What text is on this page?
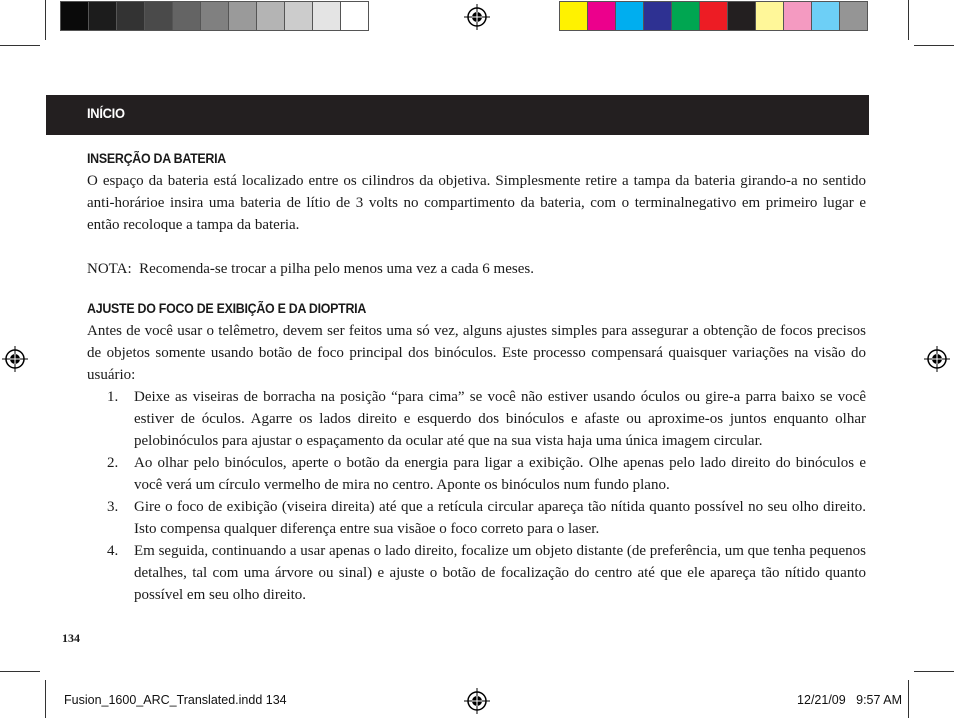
INÍCIO
INSERÇÃO DA BATERIA
O espaço da bateria está localizado entre os cilindros da objetiva. Simplesmente retire a tampa da bateria girando-a no sentido anti-horárioe insira uma bateria de lítio de 3 volts no compartimento da bateria, com o terminalnegativo em primeiro lugar e então recoloque a tampa da bateria.
NOTA:  Recomenda-se trocar a pilha pelo menos uma vez a cada 6 meses.
AJUSTE DO FOCO DE EXIBIÇÃO E DA DIOPTRIA
Antes de você usar o telêmetro, devem ser feitos uma só vez, alguns ajustes simples para assegurar a obtenção de focos precisos de objetos somente usando botão de foco principal dos binóculos. Este processo compensará quaisquer variações na visão do usuário:
1. Deixe as viseiras de borracha na posição “para cima” se você não estiver usando óculos ou gire-a parra baixo se você estiver de óculos. Agarre os lados direito e esquerdo dos binóculos e afaste ou aproxime-os juntos enquanto olhar pelobinóculos para ajustar o espaçamento da ocular até que na sua vista haja uma única imagem circular.
2. Ao olhar pelo binóculos, aperte o botão da energia para ligar a exibição. Olhe apenas pelo lado direito do binóculos e você verá um círculo vermelho de mira no centro. Aponte os binóculos num fundo plano.
3. Gire o foco de exibição (viseira direita) até que a retícula circular apareça tão nítida quanto possível no seu olho direito. Isto compensa qualquer diferença entre sua visãoe o foco correto para o laser.
4. Em seguida, continuando a usar apenas o lado direito, focalize um objeto distante (de preferência, um que tenha pequenos detalhes, tal com uma árvore ou sinal) e ajuste o botão de focalização do centro até que ele apareça tão nítido quanto possível em seu olho direito.
134
Fusion_1600_ARC_Translated.indd 134	12/21/09   9:57 AM
